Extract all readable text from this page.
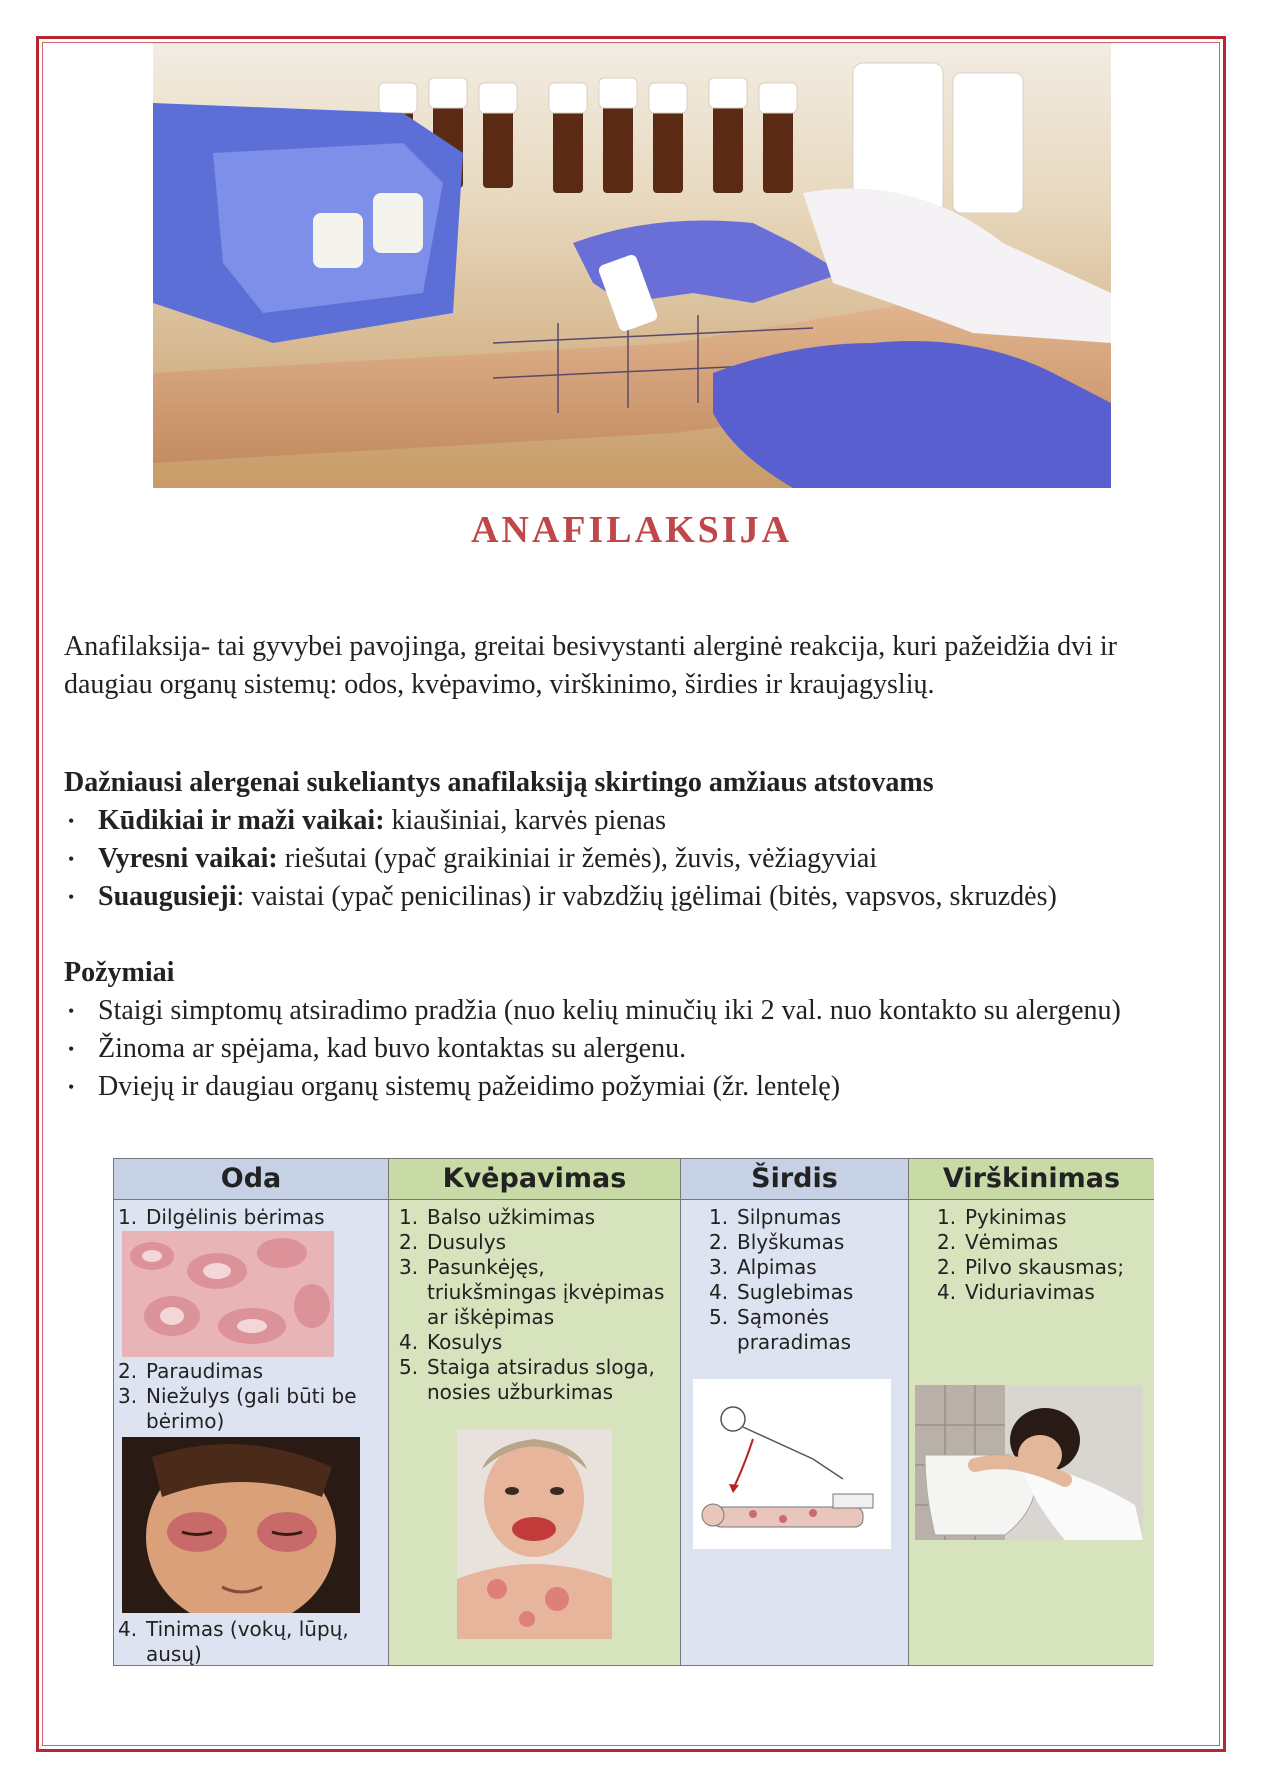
ANAFILAKSIJA
Anafilaksija- tai gyvybei pavojinga, greitai besivystanti alerginė reakcija, kuri pažeidžia dvi ir daugiau organų sistemų: odos, kvėpavimo, virškinimo, širdies ir kraujagyslių.
Dažniausi alergenai sukeliantys anafilaksiją skirtingo amžiaus atstovams
• Kūdikiai ir maži vaikai: kiaušiniai, karvės pienas
• Vyresni vaikai: riešutai (ypač graikiniai ir žemės), žuvis, vėžiagyviai
• Suaugusieji: vaistai (ypač penicilinas) ir vabzdžių įgėlimai (bitės, vapsvos, skruzdės)
Požymiai
• Staigi simptomų atsiradimo pradžia (nuo kelių minučių iki 2 val. nuo kontakto su alergenu)
• Žinoma ar spėjama, kad buvo kontaktas su alergenu.
• Dviejų ir daugiau organų sistemų pažeidimo požymiai (žr. lentelę)
Oda
1. Dilgėlinis bėrimas
2. Paraudimas
3. Niežulys (gali būti be bėrimo)
4. Tinimas (vokų, lūpų, ausų)
Kvėpavimas
1. Balso užkimimas
2. Dusulys
3. Pasunkėjęs, triukšmingas įkvėpimas ar iškėpimas
4. Kosulys
5. Staiga atsiradus sloga, nosies užburkimas
Širdis
1. Silpnumas
2. Blyškumas
3. Alpimas
4. Suglebimas
5. Sąmonės praradimas
Virškinimas
1. Pykinimas
2. Vėmimas
2. Pilvo skausmas;
4. Viduriavimas
